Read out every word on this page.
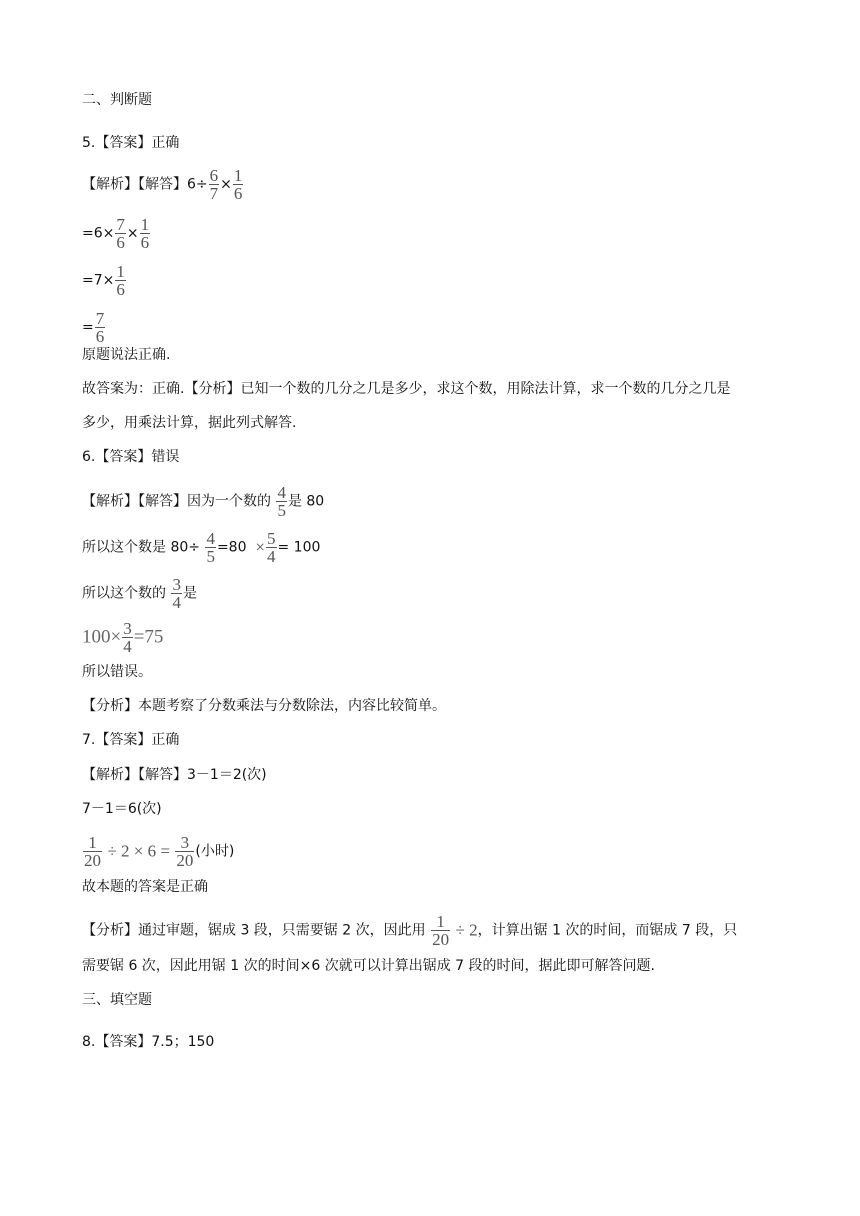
二、判断题
5.【答案】正确
【解析】【解答】$6\div \frac{6}{7} \times \frac{1}{6}$
$=6\times \frac{7}{6} \times \frac{1}{6}$
$=7\times \frac{1}{6}$
= $\frac{7}{6}$
原题说法正确.
故答案为：正确.【分析】已知一个数的几分之几是多少，求这个数，用除法计算，求一个数的几分之几是
多少，用乘法计算，据此列式解答.
6.【答案】错误
【解析】【解答】因为一个数的 $\frac{4}{5}$ 是 80
所以这个数是 $80\div \frac{4}{5} =80 \times \frac{5}{4} = 100$
所以这个数的 $\frac{3}{4}$ 是
$100\times \frac{3}{4} =75$
所以错误。
【分析】本题考察了分数乘法与分数除法，内容比较简单。
7.【答案】正确
【解析】【解答】3－1＝2(次)
7－1＝6(次)
$\frac{1}{20} \div 2 \times 6 = \frac{3}{20}$ (小时)
故本题的答案是正确
【分析】通过审题，锯成 3 段，只需要锯 2 次，因此用 $\frac{1}{20} \div 2$，计算出锯 1 次的时间，而锯成 7 段，只
需要锯 6 次，因此用锯 1 次的时间×6 次就可以计算出锯成 7 段的时间，据此即可解答问题.
三、填空题
8.【答案】7.5；150
